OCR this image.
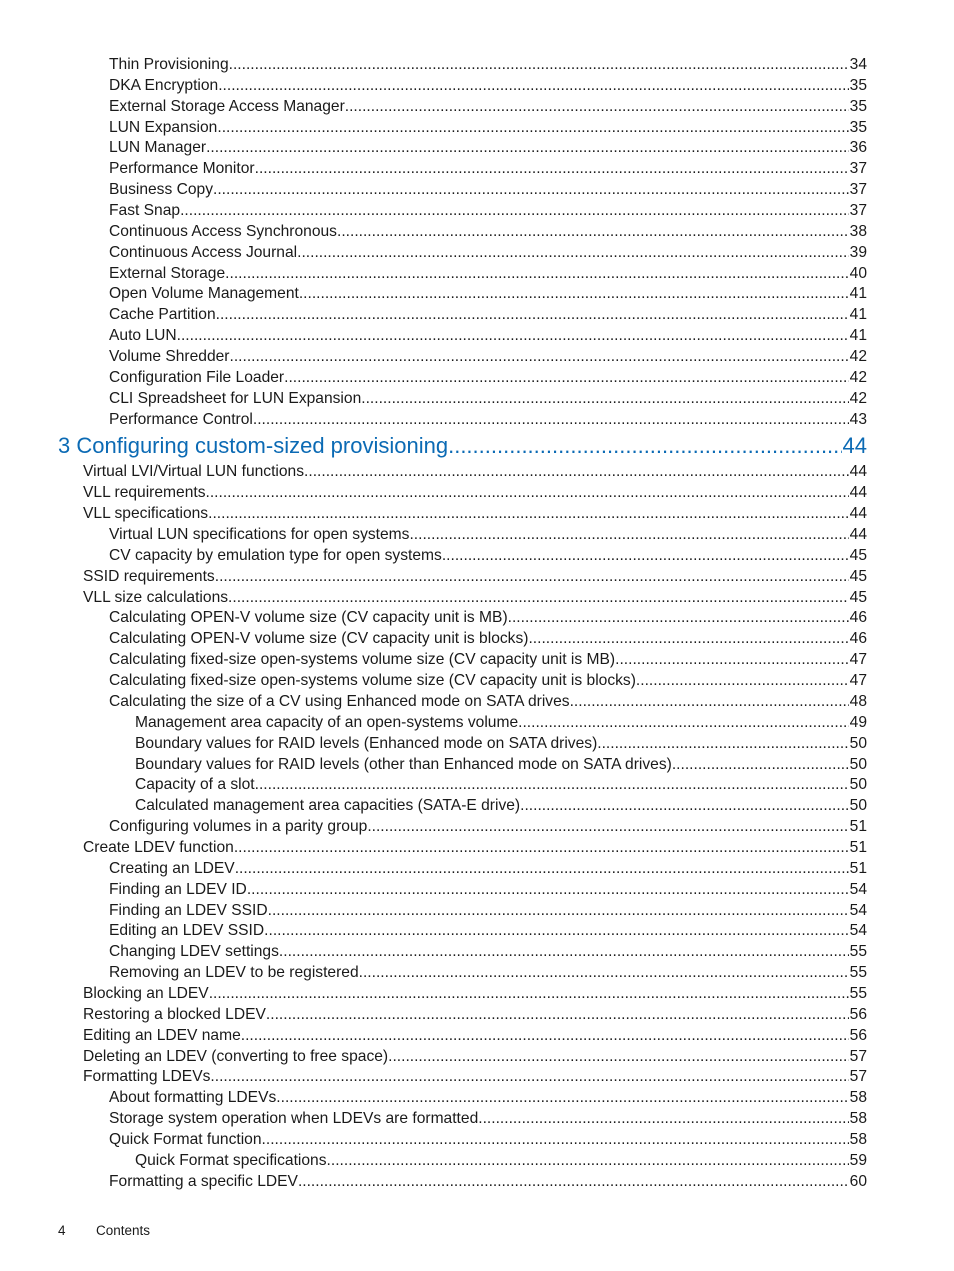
Thin Provisioning .....	34
DKA Encryption .....	35
External Storage Access Manager .....	35
LUN Expansion .....	35
LUN Manager .....	36
Performance Monitor .....	37
Business Copy .....	37
Fast Snap .....	37
Continuous Access Synchronous .....	38
Continuous Access Journal .....	39
External Storage .....	40
Open Volume Management .....	41
Cache Partition .....	41
Auto LUN .....	41
Volume Shredder .....	42
Configuration File Loader .....	42
CLI Spreadsheet for LUN Expansion .....	42
Performance Control .....	43
3 Configuring custom-sized provisioning .....	44
Virtual LVI/Virtual LUN functions .....	44
VLL requirements .....	44
VLL specifications .....	44
Virtual LUN specifications for open systems .....	44
CV capacity by emulation type for open systems .....	45
SSID requirements .....	45
VLL size calculations .....	45
Calculating OPEN-V volume size (CV capacity unit is MB) .....	46
Calculating OPEN-V volume size (CV capacity unit is blocks) .....	46
Calculating fixed-size open-systems volume size (CV capacity unit is MB) .....	47
Calculating fixed-size open-systems volume size (CV capacity unit is blocks) .....	47
Calculating the size of a CV using Enhanced mode on SATA drives .....	48
Management area capacity of an open-systems volume .....	49
Boundary values for RAID levels (Enhanced mode on SATA drives) .....	50
Boundary values for RAID levels (other than Enhanced mode on SATA drives) .....	50
Capacity of a slot .....	50
Calculated management area capacities (SATA-E drive) .....	50
Configuring volumes in a parity group .....	51
Create LDEV function .....	51
Creating an LDEV .....	51
Finding an LDEV ID .....	54
Finding an LDEV SSID .....	54
Editing an LDEV SSID .....	54
Changing LDEV settings .....	55
Removing an LDEV to be registered .....	55
Blocking an LDEV .....	55
Restoring a blocked LDEV .....	56
Editing an LDEV name .....	56
Deleting an LDEV (converting to free space) .....	57
Formatting LDEVs .....	57
About formatting LDEVs .....	58
Storage system operation when LDEVs are formatted .....	58
Quick Format function .....	58
Quick Format specifications .....	59
Formatting a specific LDEV .....	60
4 Contents
